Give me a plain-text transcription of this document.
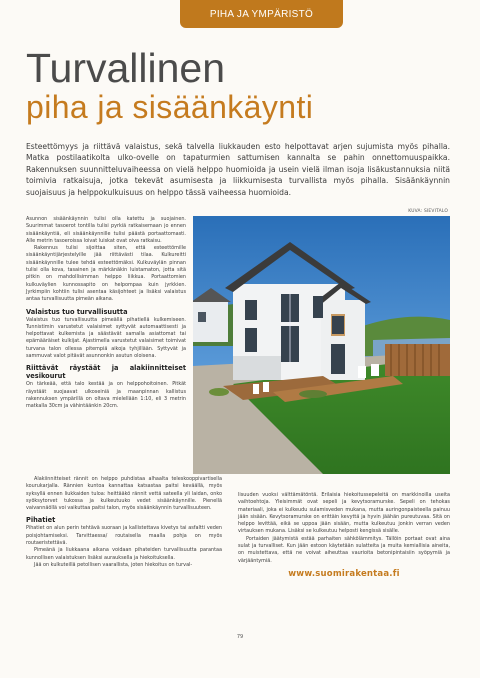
PIHA JA YMPÄRISTÖ
Turvallinen
piha ja sisäänkäynti
Esteettömyys ja riittävä valaistus, sekä talvella liukkauden esto helpottavat arjen sujumista myös pihalla. Matka postilaatikolta ulko-ovelle on tapaturmien sattumisen kannalta se pahin onnettomuuspaikka. Rakennuksen suunnitteluvaiheessa on vielä helppo huomioida ja usein vielä ilman isoja lisäkustannuksia niitä toimivia ratkaisuja, jotka tekevät asumisesta ja liikkumisesta turvallista myös pihalla. Sisäänkäynnin suojaisuus ja helppokulkuisuus on helppo tässä vaiheessa huomioida.
KUVA: SIEVITALO

Asunnon sisäänkäynnin tulisi olla katettu ja suojainen. Suurimmat tasoerot tontilla tulisi pyrkiä ratkaisemaan jo ennen sisäänkäyntiä, eli sisäänkäynnille tulisi päästä portaattomasti. Alle metrin tasoeroissa loivat luiskat ovat oiva ratkaisu.

Rakennus tulisi sijoittaa siten, että esteettömille sisäänkäyntijärjestelyille jää riittävästi tilaa. Kulkureitti sisäänkäynnille tulee tehdä esteettömäksi. Kulkuväylän pinnan tulisi olla kova, tasainen ja märkänäkin luistamaton, jotta sitä pitkin on mahdollisimman helppo liikkua. Portaattomien kulkuväylien kunnossapito on helpompaa kuin jyrkkien. Jyrkimpiin kohtiin tulisi asentaa käsijohteet ja lisäksi valaistus antaa turvallisuutta pimeän aikana.

Valaistus tuo turvallisuutta

Valaistus tuo turvallisuutta pimeällä pihatiellä kulkemiseen. Tunnistimin varustetut valaisimet syttyvät automaattisesti ja helpottavat kulkemista ja säästävät samalla asiattomat tai epämääräiset kulkijat. Ajastimella varustetut valaisimet toimivat turvana talon ollessa pitempiä aikoja tyhjillään. Syttyvät ja sammuvat valot pitävät asunnonkin asutun oloisena.

Riittävät räystäät ja alakiinnitteiset vesikourut

On tärkeää, että talo kestää ja on helppohoitoinen. Pitkät räystäät suojaavat ulkoseiniä ja maanpinnan kallistus rakennuksen ympärillä on oltava mielellään 1:10, eli 3 metrin matkalla 30cm ja vähintäänkin 20cm.

Alakiinnitteiset rännit on helppo puhdistaa alhaalta teleskooppivartisella kourukarjalla. Rännien kuntoa kannattaa katsastaa paitsi keväällä, myös syksyllä ennen liukkaiden tuloa: heittääkö rännit vettä sateella yli laidan, onko syöksytorvet tukossa ja kulkeutuuko vedet sisäänkäynnille. Pienellä vaivannäöllä voi vaikuttaa paitsi talon, myös sisäänkäynnin turvallisuuteen.

Pihatiet

Pihatiet on alun perin tehtävä suoraan ja kallistettava kivetys tai asfaltti veden poisjohtamiseksi. Tarvittaessa/ routaisella maalla pohja on myös routaeristettävä.

Pimeänä ja liukkaana aikana voidaan pihateiden turvallisuutta parantaa kunnollisen valaistuksen lisäksi aurauksella ja hiekoituksella.

Jää on kulkuteillä petollisen vaarallista, joten hiekoitus on turval-

lisuuden vuoksi välttämätöntä. Erilaisia hiekoitussepeleitä on markkinoilla useita vaihtoehtoja. Yleisimmät ovat sepeli ja kevytsoramurske. Sepeli on tehokas materiaali, joka ei kulkeudu sulamisveden mukana, mutta auringonpaisteella painuu jään sisään. Kevytsoramurske on erittäin kevyttä ja hyvin jäähän pureutuvaa. Sitä on helppo levittää, eikä se uppoa jään sisään, mutta kulkeutuu jonkin verran veden virtauksen mukana. Lisäksi se kulkeutuu helposti kengissä sisälle.

Portaiden jäätymistä estää parhaiten sähkölämmitys. Tällöin portaat ovat aina sulat ja turvalliset. Kun jään estoon käytetään sulatteita ja muita kemiallisia aineita, on muistettava, että ne voivat aiheuttaa vaurioita betonipintaisiin syöpymiä ja värjääntymiä.

www.suomirakentaa.fi
79
